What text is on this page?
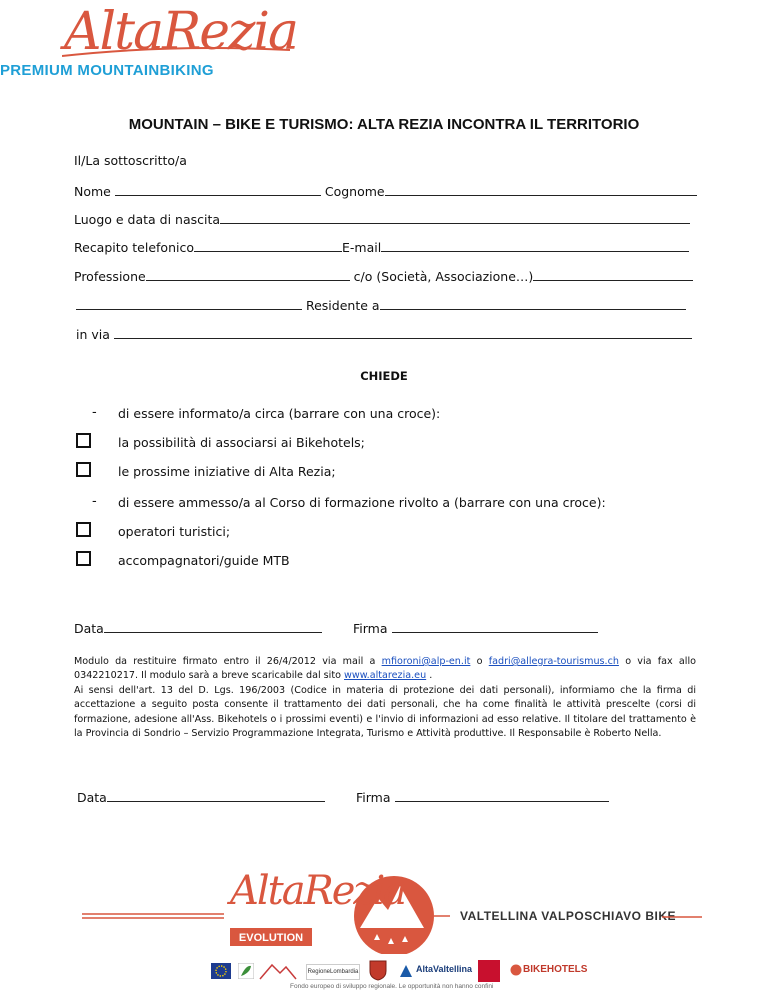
AltaRezia
PREMIUM MOUNTAINBIKING
MOUNTAIN – BIKE E TURISMO: ALTA REZIA INCONTRA IL TERRITORIO
Il/La sottoscritto/a
Nome	Cognome
Luogo e data di nascita
Recapito telefonico	E-mail
Professione	c/o (Società, Associazione…)
Residente a
in via
CHIEDE
- di essere informato/a circa (barrare con una croce):
la possibilità di associarsi ai Bikehotels;
le prossime iniziative di Alta Rezia;
- di essere ammesso/a al Corso di formazione rivolto a (barrare con una croce):
operatori turistici;
accompagnatori/guide MTB
Data	Firma
Modulo da restituire firmato entro il 26/4/2012 via mail a mfioroni@alp-en.it o fadri@allegra-tourismus.ch o via fax allo 0342210217. Il modulo sarà a breve scaricabile dal sito www.altarezia.eu .
Ai sensi dell'art. 13 del D. Lgs. 196/2003 (Codice in materia di protezione dei dati personali), informiamo che la firma di accettazione a seguito posta consente il trattamento dei dati personali, che ha come finalità le attività prescelte (corsi di formazione, adesione all'Ass. Bikehotels o i prossimi eventi) e l'invio di informazioni ad esso relative. Il titolare del trattamento è la Provincia di Sondrio – Servizio Programmazione Integrata, Turismo e Attività produttive. Il Responsabile è Roberto Nella.
Data	Firma
AltaRezia
EVOLUTION
VALTELLINA VALPOSCHIAVO BIKE
RegioneLombardia	AltaValtellina	BIKEHOTELS
Fondo europeo di sviluppo regionale. Le opportunità non hanno confini
